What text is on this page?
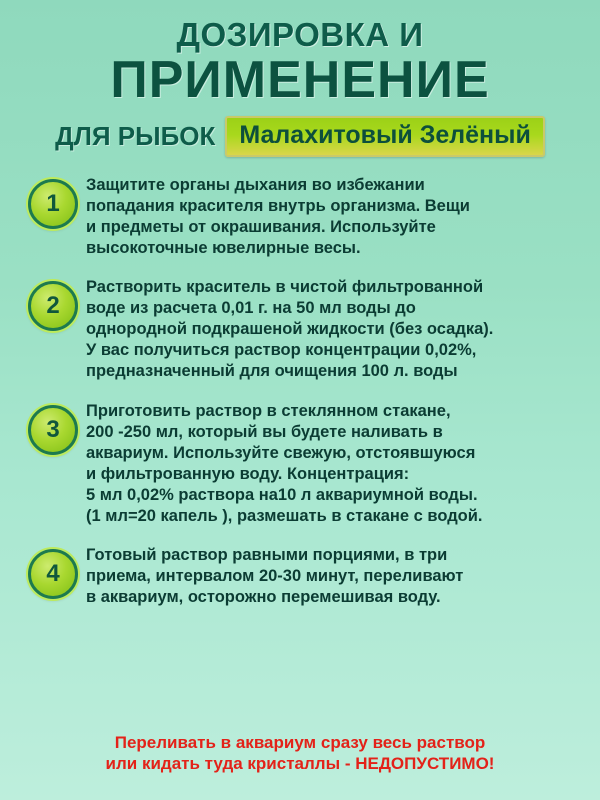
ДОЗИРОВКА И
ПРИМЕНЕНИЕ
ДЛЯ РЫБОК Малахитовый Зелёный
1

Защитите органы дыхания во избежании

попадания красителя внутрь организма. Вещи

и предметы от окрашивания. Используйте

высокоточные ювелирные весы.

2

Растворить краситель в чистой фильтрованной

воде из расчета 0,01 г. на 50 мл воды до

однородной подкрашеной жидкости (без осадка).

У вас получиться раствор концентрации 0,02%,

предназначенный для очищения 100 л. воды

3

Приготовить раствор в стеклянном стакане,

200 -250 мл, который вы будете наливать в

аквариум. Используйте свежую, отстоявшуюся

и фильтрованную воду. Концентрация:

5 мл 0,02% раствора на10 л аквариумной воды.

(1 мл=20 капель ), размешать в стакане с водой.

4

Готовый раствор равными порциями, в три

приема, интервалом 20-30 минут, переливают

в аквариум, осторожно перемешивая воду.

Переливать в аквариум сразу весь раствор
или кидать туда кристаллы - НЕДОПУСТИМО!
